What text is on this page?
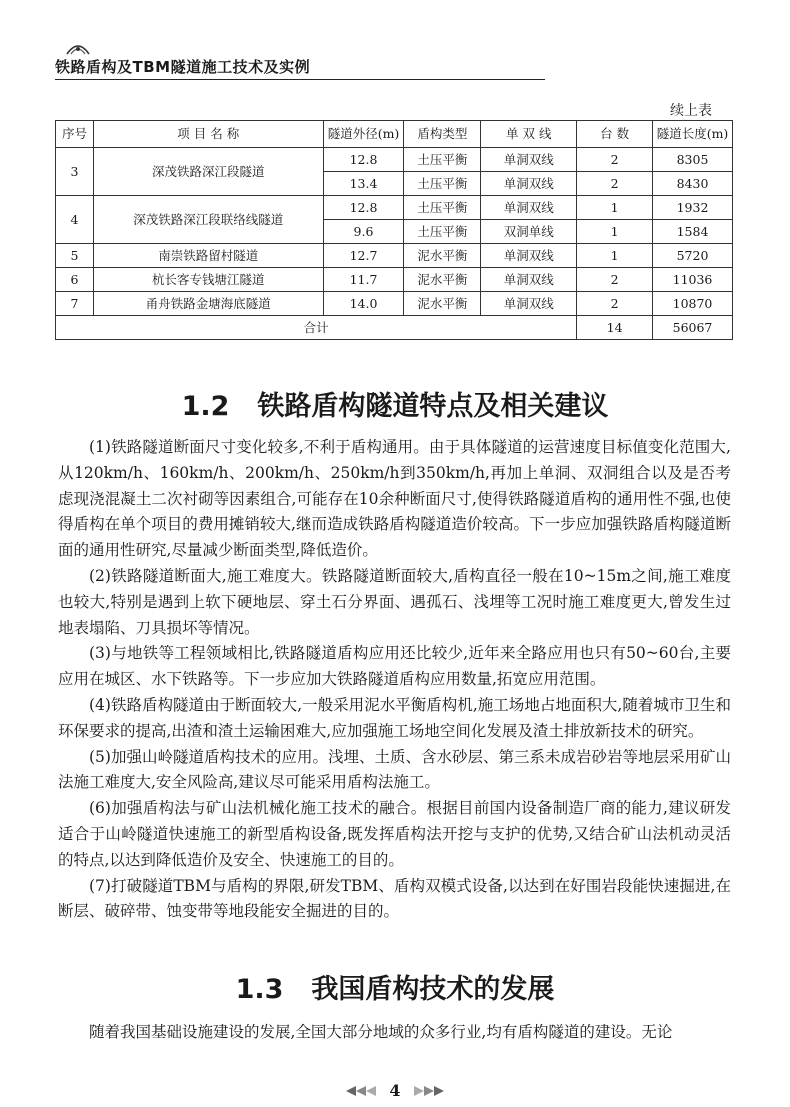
铁路盾构及TBM隧道施工技术及实例
续上表
序号	项 目 名 称	隧道外径(m)	盾构类型	单 双 线	台 数	隧道长度(m)
3	深茂铁路深江段隧道	12.8	土压平衡	单洞双线	2	8305
		13.4	土压平衡	单洞双线	2	8430
4	深茂铁路深江段联络线隧道	12.8	土压平衡	单洞双线	1	1932
		9.6	土压平衡	双洞单线	1	1584
5	南崇铁路留村隧道	12.7	泥水平衡	单洞双线	1	5720
6	杭长客专钱塘江隧道	11.7	泥水平衡	单洞双线	2	11036
7	甬舟铁路金塘海底隧道	14.0	泥水平衡	单洞双线	2	10870
合计					14	56067
1.2 铁路盾构隧道特点及相关建议

(1)铁路隧道断面尺寸变化较多,不利于盾构通用。由于具体隧道的运营速度目标值变化范围大,从120km/h、160km/h、200km/h、250km/h到350km/h,再加上单洞、双洞组合以及是否考虑现浇混凝土二次衬砌等因素组合,可能存在10余种断面尺寸,使得铁路隧道盾构的通用性不强,也使得盾构在单个项目的费用摊销较大,继而造成铁路盾构隧道造价较高。下一步应加强铁路盾构隧道断面的通用性研究,尽量减少断面类型,降低造价。

(2)铁路隧道断面大,施工难度大。铁路隧道断面较大,盾构直径一般在10~15m之间,施工难度也较大,特别是遇到上软下硬地层、穿土石分界面、遇孤石、浅埋等工况时施工难度更大,曾发生过地表塌陷、刀具损坏等情况。

(3)与地铁等工程领域相比,铁路隧道盾构应用还比较少,近年来全路应用也只有50~60台,主要应用在城区、水下铁路等。下一步应加大铁路隧道盾构应用数量,拓宽应用范围。

(4)铁路盾构隧道由于断面较大,一般采用泥水平衡盾构机,施工场地占地面积大,随着城市卫生和环保要求的提高,出渣和渣土运输困难大,应加强施工场地空间化发展及渣土排放新技术的研究。

(5)加强山岭隧道盾构技术的应用。浅埋、土质、含水砂层、第三系未成岩砂岩等地层采用矿山法施工难度大,安全风险高,建议尽可能采用盾构法施工。

(6)加强盾构法与矿山法机械化施工技术的融合。根据目前国内设备制造厂商的能力,建议研发适合于山岭隧道快速施工的新型盾构设备,既发挥盾构法开挖与支护的优势,又结合矿山法机动灵活的特点,以达到降低造价及安全、快速施工的目的。

(7)打破隧道TBM与盾构的界限,研发TBM、盾构双模式设备,以达到在好围岩段能快速掘进,在断层、破碎带、蚀变带等地段能安全掘进的目的。

1.3 我国盾构技术的发展

随着我国基础设施建设的发展,全国大部分地域的众多行业,均有盾构隧道的建设。无论

4
